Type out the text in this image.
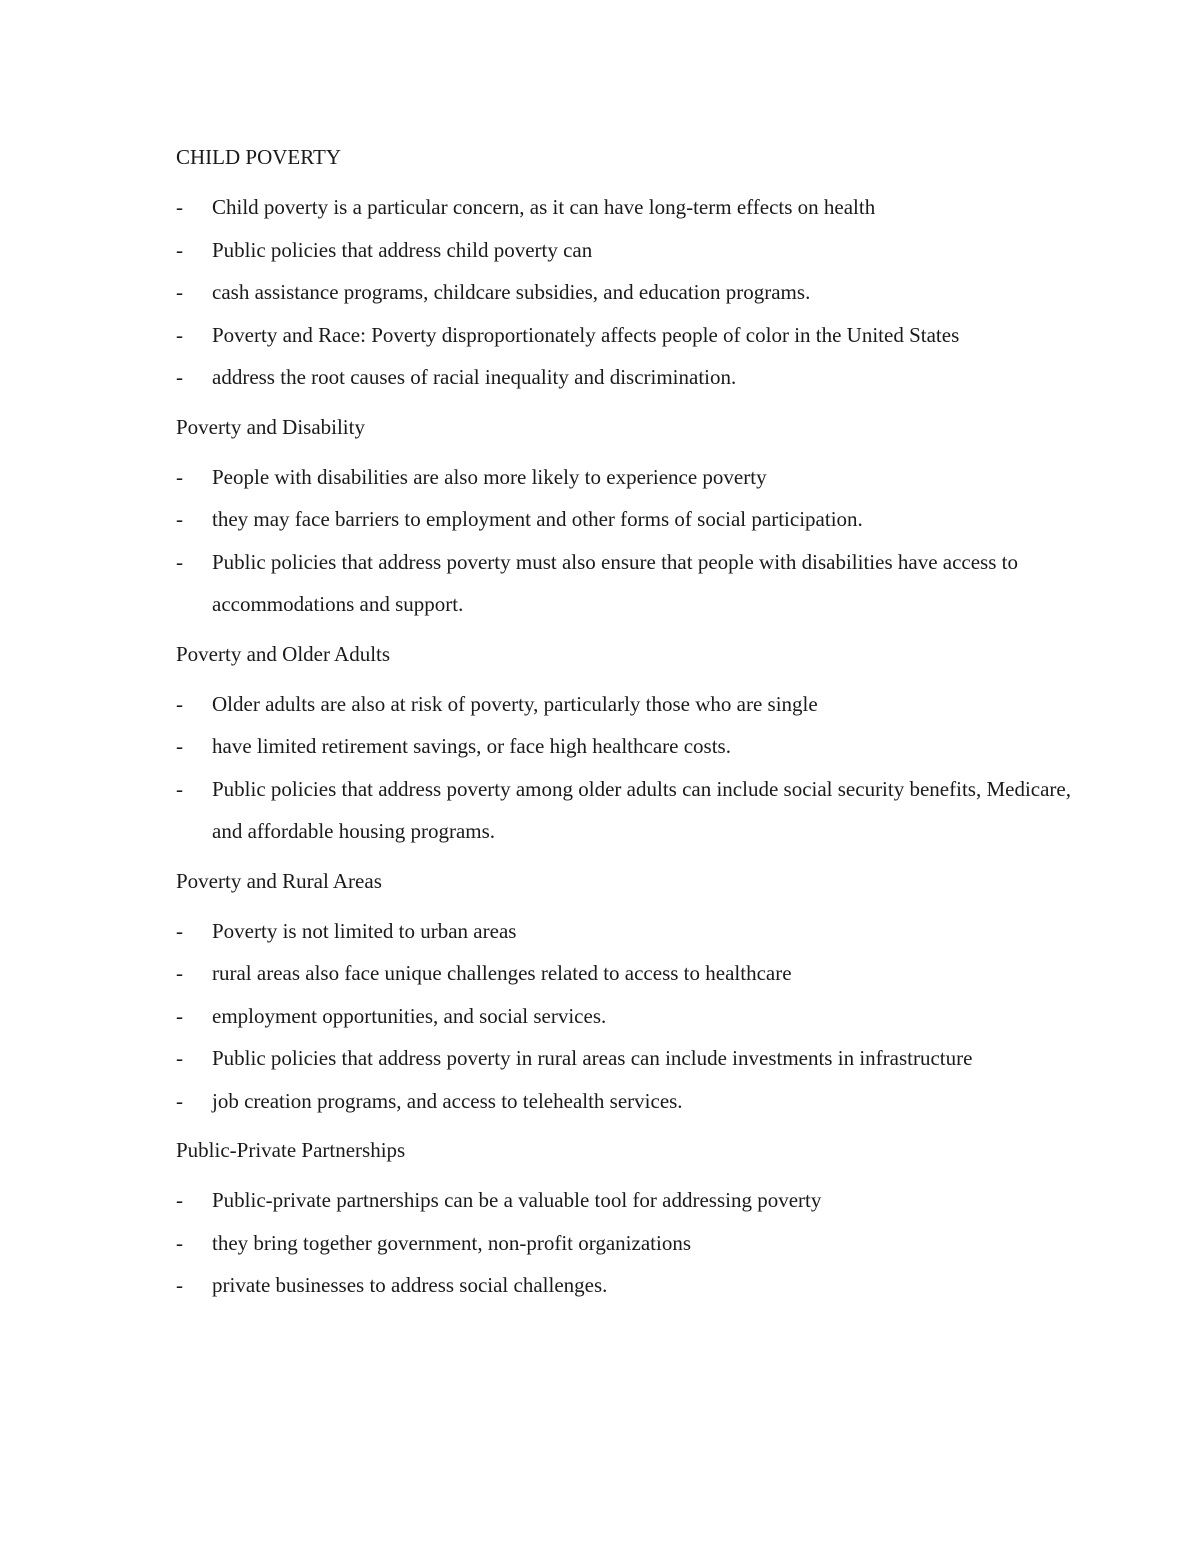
CHILD POVERTY
- Child poverty is a particular concern, as it can have long-term effects on health
- Public policies that address child poverty can
- cash assistance programs, childcare subsidies, and education programs.
- Poverty and Race: Poverty disproportionately affects people of color in the United States
- address the root causes of racial inequality and discrimination.
Poverty and Disability
- People with disabilities are also more likely to experience poverty
- they may face barriers to employment and other forms of social participation.
- Public policies that address poverty must also ensure that people with disabilities have access to accommodations and support.
Poverty and Older Adults
- Older adults are also at risk of poverty, particularly those who are single
- have limited retirement savings, or face high healthcare costs.
- Public policies that address poverty among older adults can include social security benefits, Medicare, and affordable housing programs.
Poverty and Rural Areas
- Poverty is not limited to urban areas
- rural areas also face unique challenges related to access to healthcare
- employment opportunities, and social services.
- Public policies that address poverty in rural areas can include investments in infrastructure
- job creation programs, and access to telehealth services.
Public-Private Partnerships
- Public-private partnerships can be a valuable tool for addressing poverty
- they bring together government, non-profit organizations
- private businesses to address social challenges.
